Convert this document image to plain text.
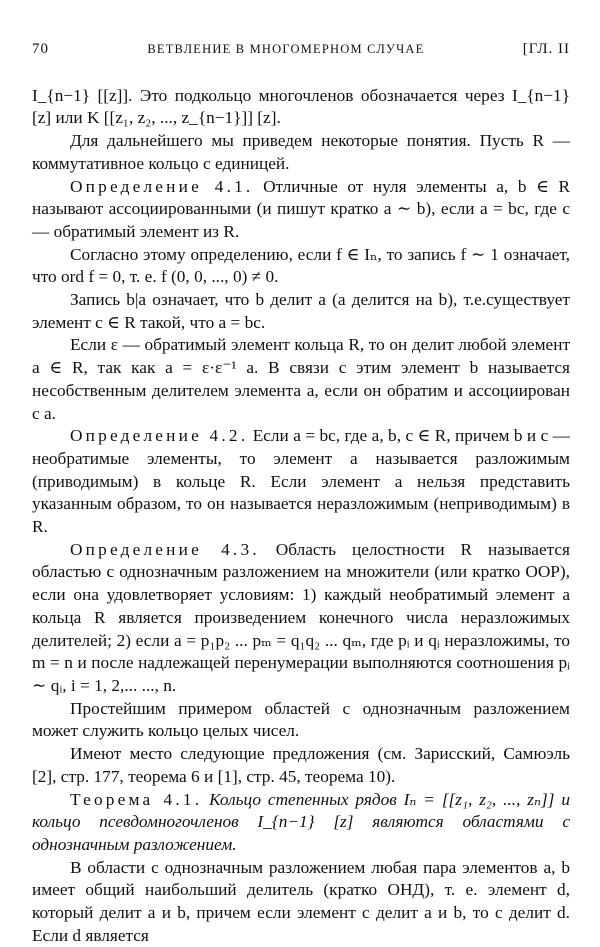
70	ВЕТВЛЕНИЕ В МНОГОМЕРНОМ СЛУЧАЕ	[ГЛ. II

I_{n−1} [[z]]. Это подкольцо многочленов обозначается через I_{n−1} [z] или K [[z₁, z₂, ..., z_{n−1}]] [z].

Для дальнейшего мы приведем некоторые понятия. Пусть R — коммутативное кольцо с единицей.

Определение 4.1. Отличные от нуля элементы a, b ∈ R называют ассоциированными (и пишут кратко a ∼ b), если a = bc, где c — обратимый элемент из R.

Согласно этому определению, если f ∈ Iₙ, то запись f ∼ 1 означает, что ord f = 0, т. е. f (0, 0, ..., 0) ≠ 0.

Запись b|a означает, что b делит a (a делится на b), т.е.существует элемент c ∈ R такой, что a = bc.

Если ε — обратимый элемент кольца R, то он делит любой элемент a ∈ R, так как a = ε·ε⁻¹ a. В связи с этим элемент b называется несобственным делителем элемента a, если он обратим и ассоциирован с a.

Определение 4.2. Если a = bc, где a, b, c ∈ R, причем b и c — необратимые элементы, то элемент a называется разложимым (приводимым) в кольце R. Если элемент a нельзя представить указанным образом, то он называется неразложимым (неприводимым) в R.

Определение 4.3. Область целостности R называется областью с однозначным разложением на множители (или кратко ООР), если она удовлетворяет условиям: 1) каждый необратимый элемент a кольца R является произведением конечного числа неразложимых делителей; 2) если a = p₁p₂ ... pₘ = q₁q₂ ... qₘ, где pᵢ и qᵢ неразложимы, то m = n и после надлежащей перенумерации выполняются соотношения pᵢ ∼ qᵢ, i = 1, 2,... ..., n.

Простейшим примером областей с однозначным разложением может служить кольцо целых чисел.

Имеют место следующие предложения (см. Зарисский, Самюэль [2], стр. 177, теорема 6 и [1], стр. 45, теорема 10).

Теорема 4.1. Кольцо степенных рядов Iₙ = [[z₁, z₂, ..., zₙ]] и кольцо псевдомногочленов I_{n−1} [z] являются областями с однозначным разложением.

В области с однозначным разложением любая пара элементов a, b имеет общий наибольший делитель (кратко ОНД), т. е. элемент d, который делит a и b, причем если элемент c делит a и b, то c делит d. Если d является
